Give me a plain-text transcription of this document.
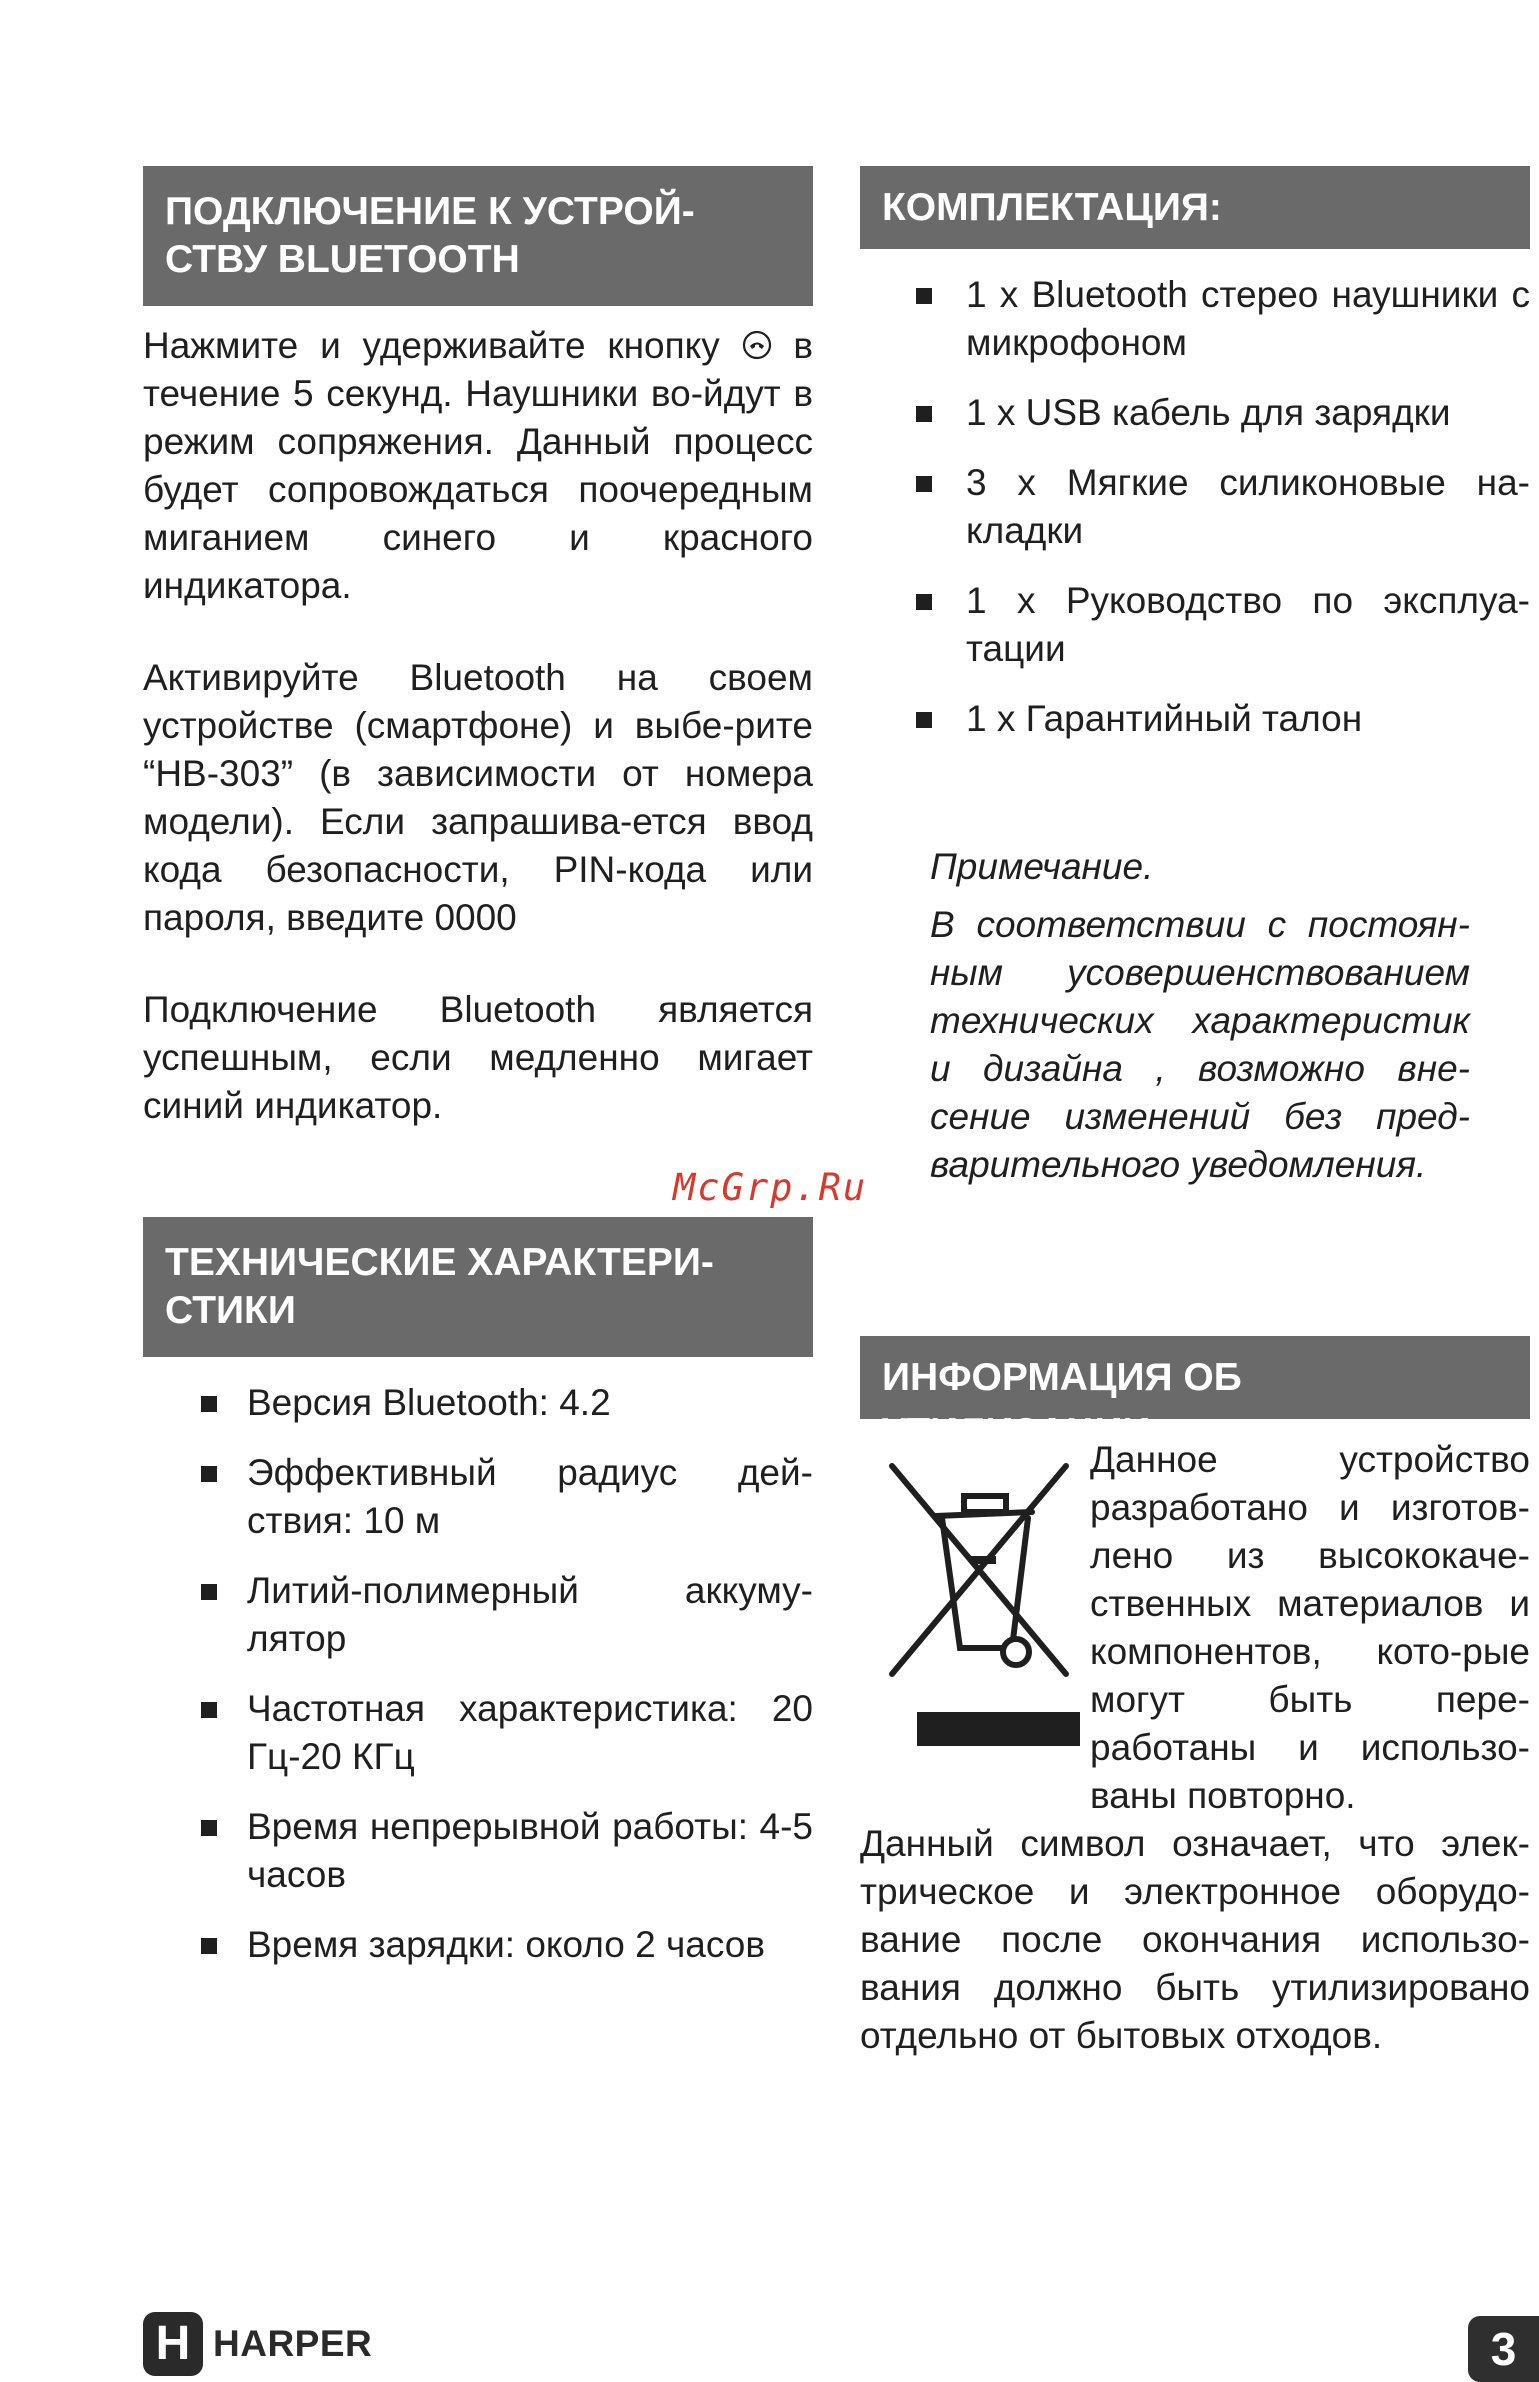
ПОДКЛЮЧЕНИЕ К УСТРОЙ-
СТВУ BLUETOOTH

Нажмите и удерживайте кнопку в течение 5 секунд. Наушники во-йдут в режим сопряжения. Данный процесс будет сопровождаться поочередным миганием синего и красного индикатора.

Активируйте Bluetooth на своем устройстве (смартфоне) и выбе-рите “HB-303” (в зависимости от номера модели). Если запрашива-ется ввод кода безопасности, PIN-кода или пароля, введите 0000

Подключение Bluetooth является успешным, если медленно мигает синий индикатор.

ТЕХНИЧЕСКИЕ ХАРАКТЕРИ-
СТИКИ
Версия Bluetooth: 4.2
Эффективный радиус дей-ствия: 10 м
Литий-полимерный аккуму-лятор
Частотная характеристика: 20 Гц-20 КГц
Время непрерывной работы: 4-5 часов
Время зарядки: около 2 часов
McGrp.Ru
КОМПЛЕКТАЦИЯ:
1 x Bluetooth стерео наушники с микрофоном
1 x USB кабель для зарядки
3 x Мягкие силиконовые на-кладки
1 x Руководство по эксплуа-тации
1 x Гарантийный талон
Примечание.
В соответствии с постоян-ным усовершенствованием технических характеристик и дизайна , возможно вне-сение изменений без пред-варительного уведомления.
ИНФОРМАЦИЯ ОБ УТИЛИЗАЦИИ

Данное устройство разработано и изготов-лено из высококаче-ственных материалов и компонентов, кото-рые могут быть пере-работаны и использо-ваны повторно.

Данный символ означает, что элек-трическое и электронное оборудо-вание после окончания использо-вания должно быть утилизировано отдельно от бытовых отходов.

H HARPER	3
